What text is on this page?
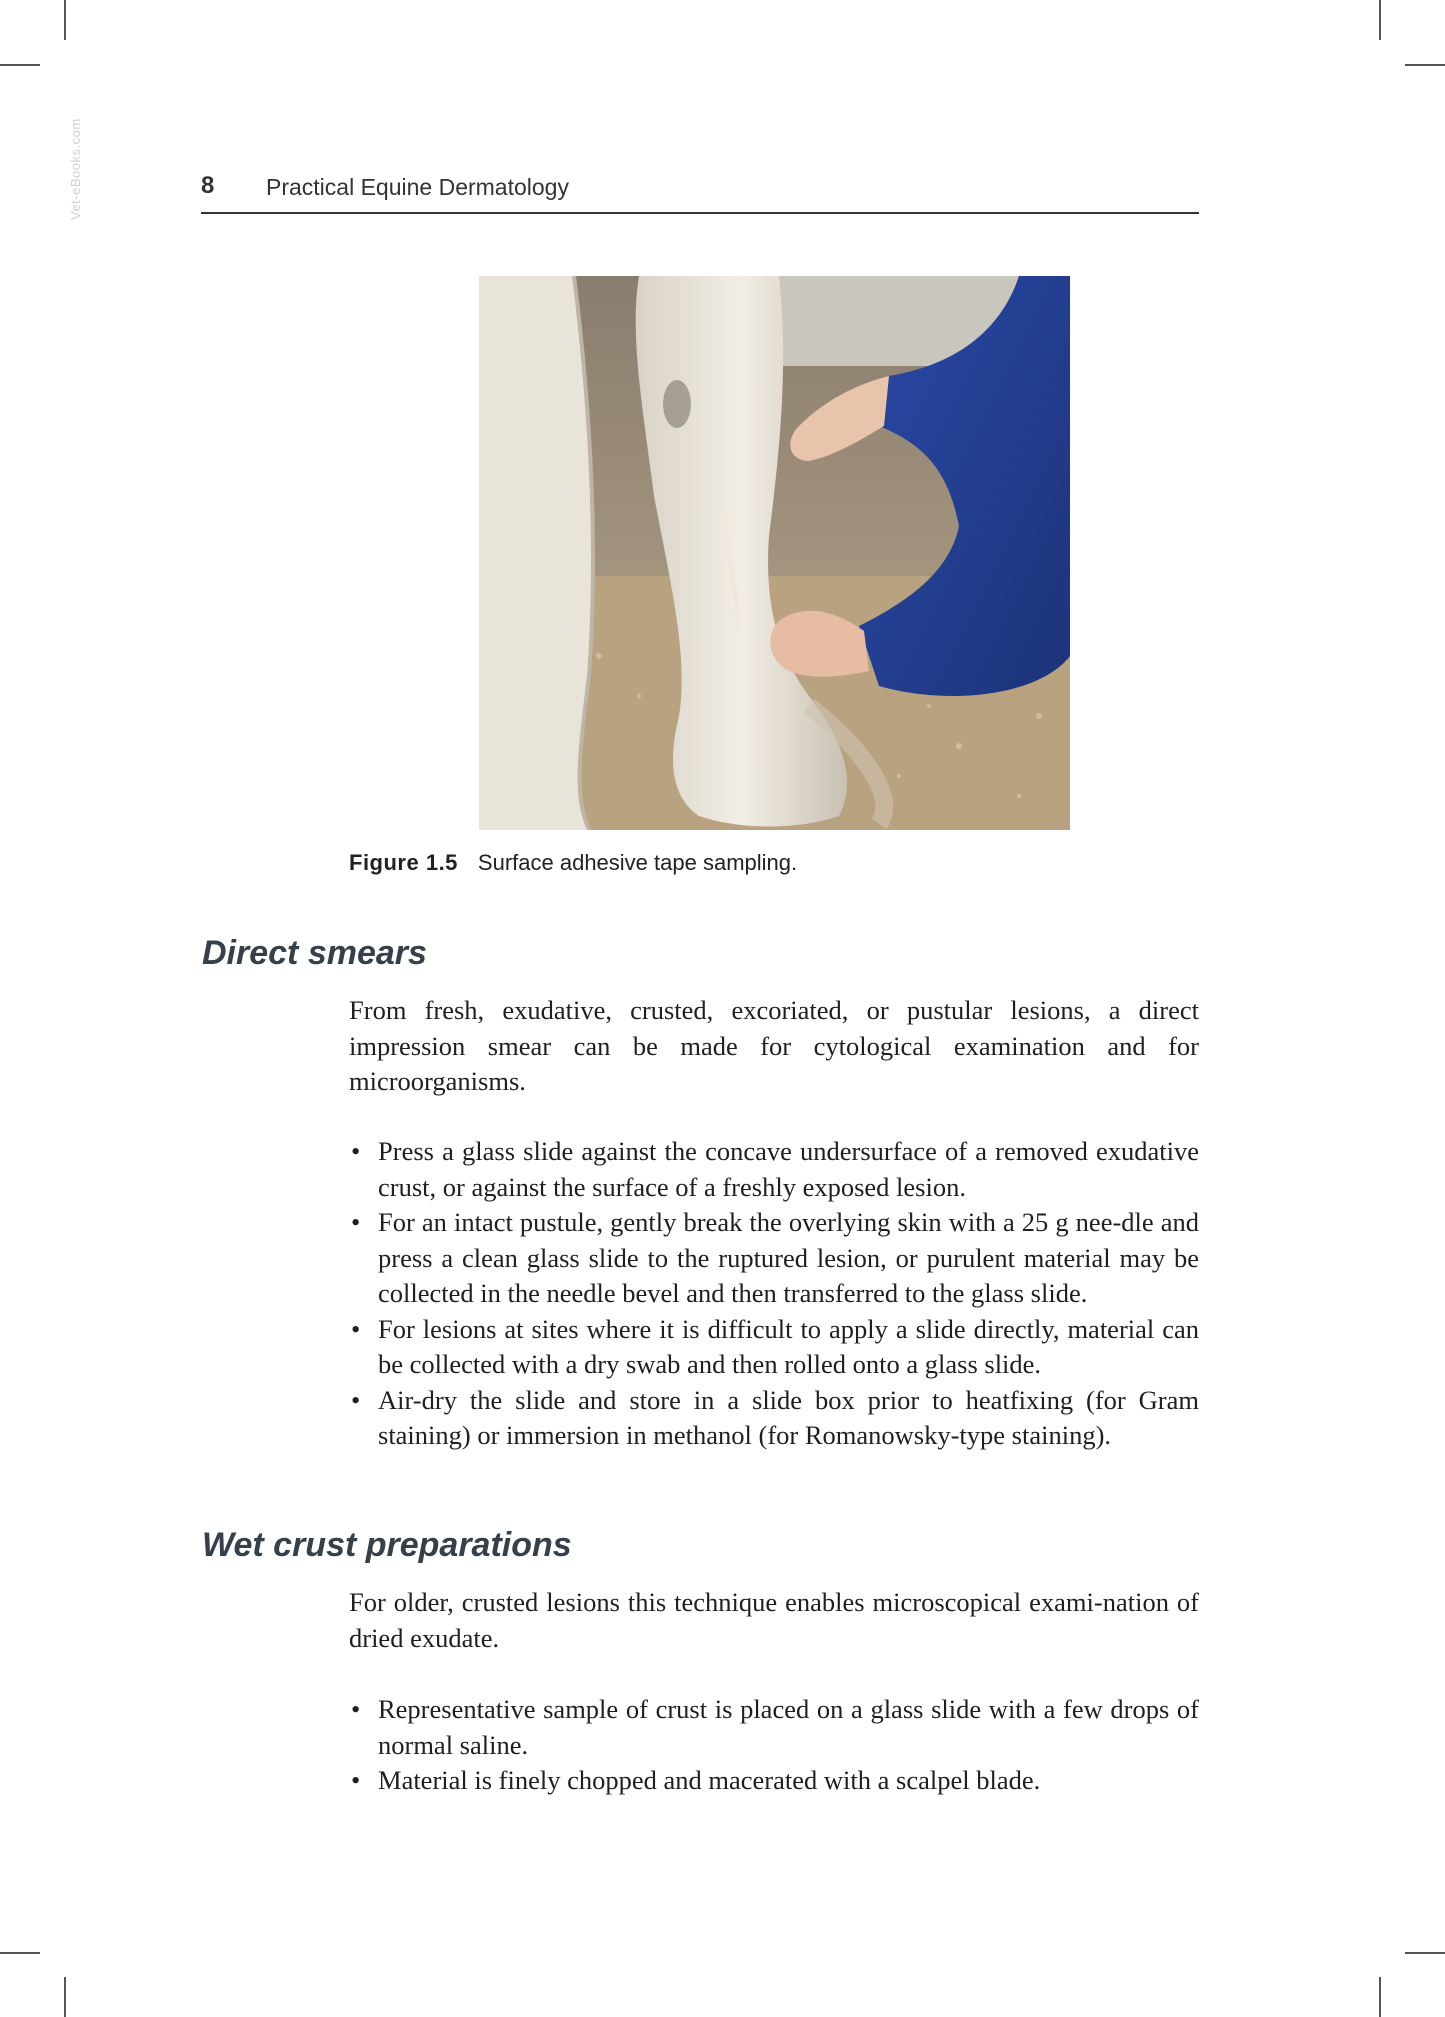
Vet-eBooks.com	8 Practical Equine Dermatology
Figure 1.5 Surface adhesive tape sampling.
Direct smears

From fresh, exudative, crusted, excoriated, or pustular lesions, a direct impression smear can be made for cytological examination and for microorganisms.

• Press a glass slide against the concave undersurface of a removed exudative crust, or against the surface of a freshly exposed lesion.
• For an intact pustule, gently break the overlying skin with a 25 g nee-dle and press a clean glass slide to the ruptured lesion, or purulent material may be collected in the needle bevel and then transferred to the glass slide.
• For lesions at sites where it is difficult to apply a slide directly, material can be collected with a dry swab and then rolled onto a glass slide.
• Air-dry the slide and store in a slide box prior to heatfixing (for Gram staining) or immersion in methanol (for Romanowsky-type staining).
Wet crust preparations

For older, crusted lesions this technique enables microscopical exami-nation of dried exudate.

• Representative sample of crust is placed on a glass slide with a few drops of normal saline.
• Material is finely chopped and macerated with a scalpel blade.
